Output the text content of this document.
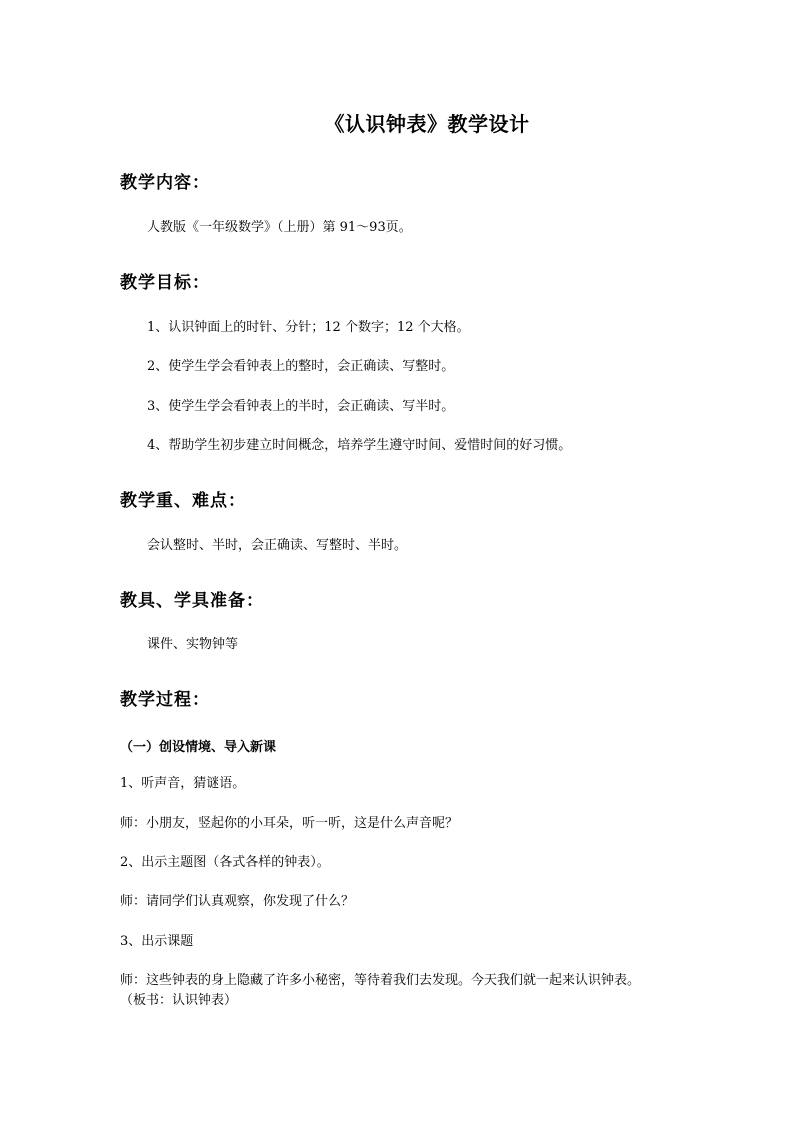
《认识钟表》教学设计
教学内容：
人教版《一年级数学》（上册）第 91～93页。
教学目标：
1、认识钟面上的时针、分针；12 个数字；12 个大格。
2、使学生学会看钟表上的整时，会正确读、写整时。
3、使学生学会看钟表上的半时，会正确读、写半时。
4、帮助学生初步建立时间概念，培养学生遵守时间、爱惜时间的好习惯。
教学重、难点：
会认整时、半时，会正确读、写整时、半时。
教具、学具准备：
课件、实物钟等
教学过程：
（一）创设情境、导入新课
1、听声音，猜谜语。
师：小朋友，竖起你的小耳朵，听一听，这是什么声音呢？
2、出示主题图（各式各样的钟表）。
师：请同学们认真观察，你发现了什么？
3、出示课题
师：这些钟表的身上隐藏了许多小秘密，等待着我们去发现。今天我们就一起来认识钟表。
（板书：认识钟表）
